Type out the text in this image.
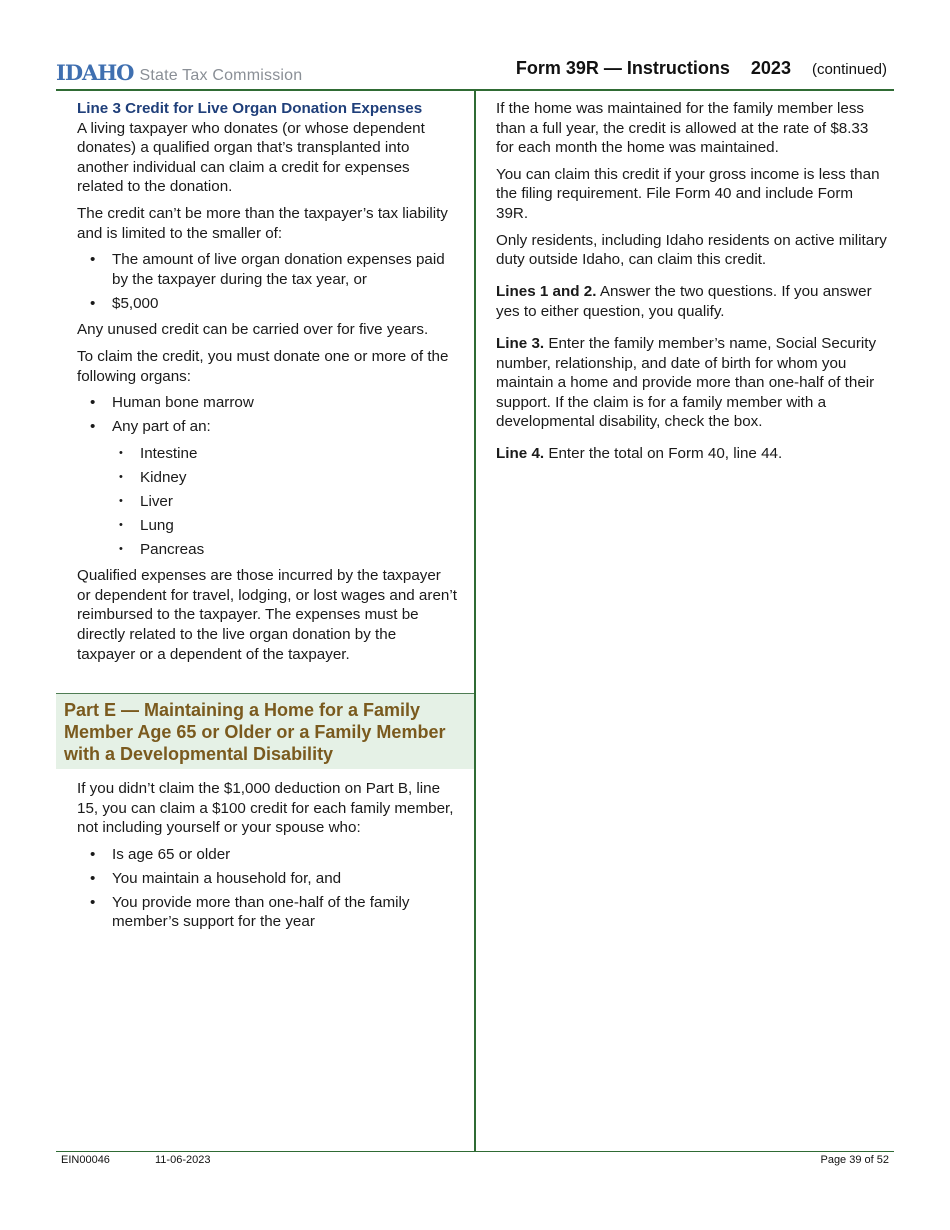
IDAHO State Tax Commission	Form 39R — Instructions 2023 (continued)

Line 3 Credit for Live Organ Donation Expenses

A living taxpayer who donates (or whose dependent donates) a qualified organ that’s transplanted into another individual can claim a credit for expenses related to the donation.

The credit can’t be more than the taxpayer’s tax liability and is limited to the smaller of:

• The amount of live organ donation expenses paid by the taxpayer during the tax year, or
• $5,000

Any unused credit can be carried over for five years.

To claim the credit, you must donate one or more of the following organs:

• Human bone marrow
• Any part of an:
• Intestine
• Kidney
• Liver
• Lung
• Pancreas

Qualified expenses are those incurred by the taxpayer or dependent for travel, lodging, or lost wages and aren’t reimbursed to the taxpayer. The expenses must be directly related to the live organ donation by the taxpayer or a dependent of the taxpayer.

Part E — Maintaining a Home for a Family Member Age 65 or Older or a Family Member with a Developmental Disability

If you didn’t claim the $1,000 deduction on Part B, line 15, you can claim a $100 credit for each family member, not including yourself or your spouse who:

• Is age 65 or older
• You maintain a household for, and
• You provide more than one-half of the family member’s support for the year

If the home was maintained for the family member less than a full year, the credit is allowed at the rate of $8.33 for each month the home was maintained.

You can claim this credit if your gross income is less than the filing requirement. File Form 40 and include Form 39R.

Only residents, including Idaho residents on active military duty outside Idaho, can claim this credit.

Lines 1 and 2. Answer the two questions. If you answer yes to either question, you qualify.

Line 3. Enter the family member’s name, Social Security number, relationship, and date of birth for whom you maintain a home and provide more than one-half of their support. If the claim is for a family member with a developmental disability, check the box.

Line 4. Enter the total on Form 40, line 44.

EIN00046	11-06-2023	Page 39 of 52
